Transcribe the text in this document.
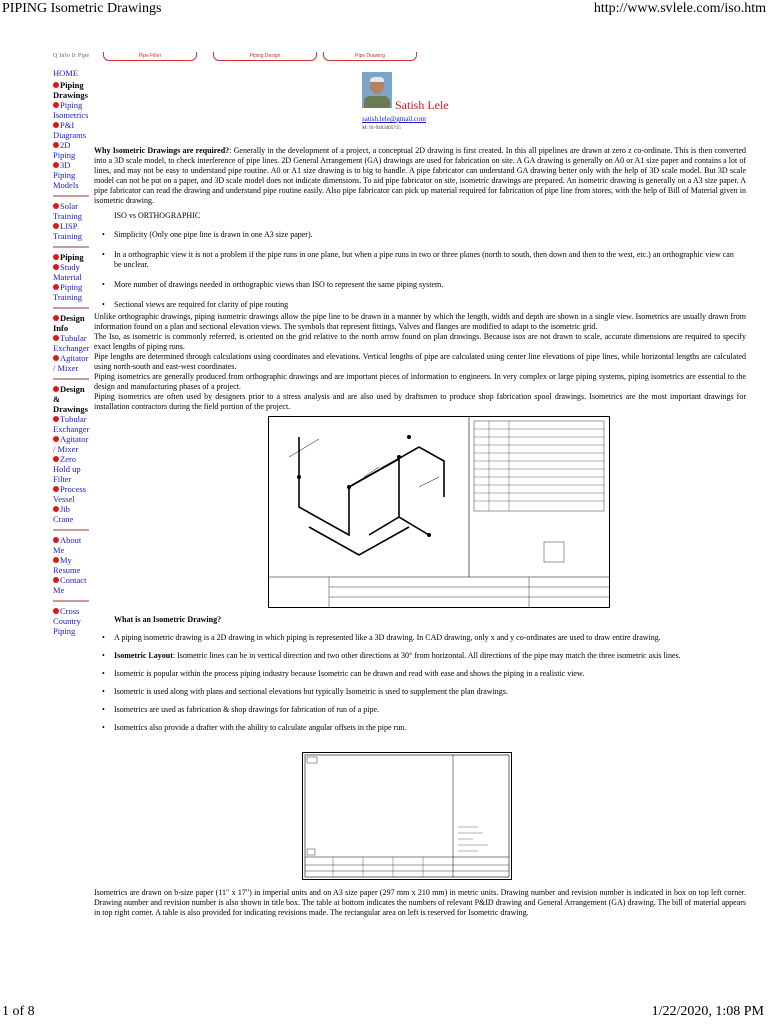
PIPING Isometric Drawings	http://www.svlele.com/iso.htm
Q Info Ir Pipe	Pipe Filter	Piping Design	Pipe Drawing
HOME
Piping Drawings
Piping Isometrics
P&I Diagrams
2D Piping
3D Piping Models
Solar Training
LISP Training
Piping
Study Material
Piping Training
Design Info
Tubular Exchanger
Agitator / Mixer
Design & Drawings
Tubular Exchanger
Agitator / Mixer
Zero Hold up Filter
Process Vessel
Jib Crane
About Me
My Resume
Contact Me
Cross Country Piping
Satish Lele
satish.lele@gmail.com
M: 91-9403405715

Why Isometric Drawings are required?: Generally in the development of a project, a conceptual 2D drawing is first created. In this all pipelines are drawn at zero z co-ordinate. This is then converted into a 3D scale model, to check interference of pipe lines. 2D General Arrangement (GA) drawings are used for fabrication on site. A GA drawing is generally on A0 or A1 size paper and contains a lot of lines, and may not be easy to understand pipe routine. A0 or A1 size drawing is to big to handle. A pipe fabricator can understand GA drawing better only with the help of 3D scale model. But 3D scale model can not be put on a paper, and 3D scale model does not indicate dimensions. To aid pipe fabricator on site, isometric drawings are prepared. An isometric drawing is generally on a A3 size paper. A pipe fabricator can read the drawing and understand pipe routine easily. Also pipe fabricator can pick up material required for fabrication of pipe line from stores, with the help of Bill of Material given in isometric drawing.

ISO vs ORTHOGRAPHIC
• Simplicity (Only one pipe line is drawn in one A3 size paper).
• In a orthographic view it is not a problem if the pipe runs in one plane, but when a pipe runs in two or three planes (north to south, then down and then to the west, etc.) an orthographic view can be unclear.
• More number of drawings needed in orthographic views than ISO to represent the same piping system.
• Sectional views are required for clarity of pipe routing

Unlike orthographic drawings, piping isometric drawings allow the pipe line to be drawn in a manner by which the length, width and depth are shown in a single view. Isometrics are usually drawn from information found on a plan and sectional elevation views. The symbols that represent fittings, Valves and flanges are modified to adapt to the isometric grid.

The Iso, as isometric is commonly referred, is oriented on the grid relative to the north arrow found on plan drawings. Because isos are not drawn to scale, accurate dimensions are required to specify exact lengths of piping runs.

Pipe lengths are determined through calculations using coordinates and elevations. Vertical lengths of pipe are calculated using center line elevations of pipe lines, while horizontal lengths are calculated using north-south and east-west coordinates.

Piping isometrics are generally produced from orthographic drawings and are important pieces of information to engineers. In very complex or large piping systems, piping isometrics are essential to the design and manufacturing phases of a project.

Piping isometrics are often used by designers prior to a stress analysis and are also used by draftsmen to produce shop fabrication spool drawings. Isometrics are the most important drawings for installation contractors during the field portion of the project.

What is an Isometric Drawing?
• A piping isometric drawing is a 2D drawing in which piping is represented like a 3D drawing. In CAD drawing, only x and y co-ordinates are used to draw entire drawing.
• Isometric Layout: Isometric lines can be in vertical direction and two other directions at 30° from horizontal. All directions of the pipe may match the three isometric axis lines.
• Isometric is popular within the process piping industry because Isometric can be drawn and read with ease and shows the piping in a realistic view.
• Isometric is used along with plans and sectional elevations but typically Isometric is used to supplement the plan drawings.
• Isometrics are used as fabrication & shop drawings for fabrication of run of a pipe.
• Isometrics also provide a drafter with the ability to calculate angular offsets in the pipe run.

Isometrics are drawn on b-size paper (11" x 17") in imperial units and on A3 size paper (297 mm x 210 mm) in metric units. Drawing number and revision number is indicated in box on top left corner. Drawing number and revision number is also shown in title box. The table at bottom indicates the numbers of relevant P&ID drawing and General Arrangement (GA) drawing. The bill of material appears in top right corner. A table is also provided for indicating revisions made. The rectangular area on left is reserved for Isometric drawing.

1 of 8	1/22/2020, 1:08 PM
